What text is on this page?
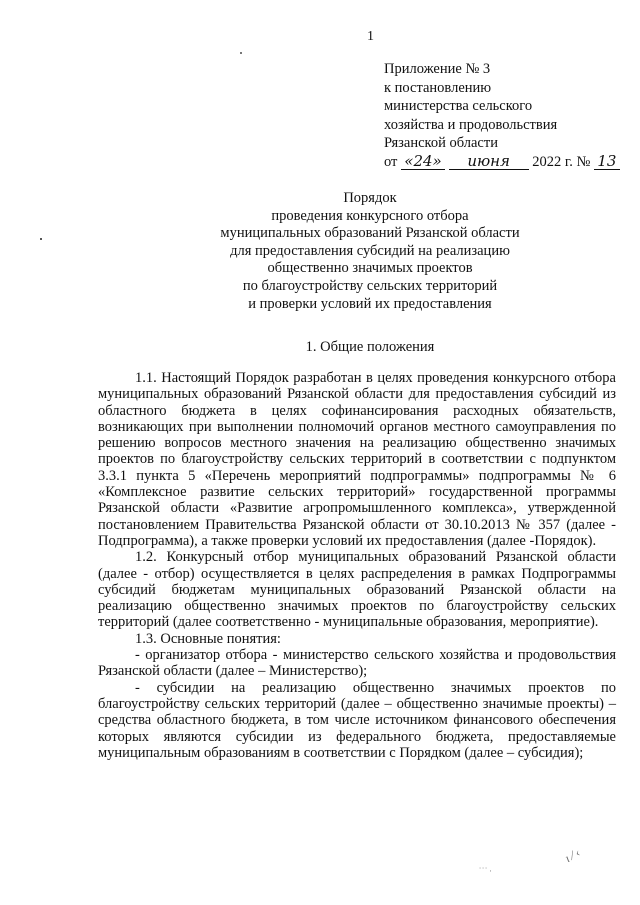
1
Приложение № 3
к постановлению
министерства сельского
хозяйства и продовольствия
Рязанской области
от «24» июня 2022 г. № 13
Порядок
проведения конкурсного отбора
муниципальных образований Рязанской области
для предоставления субсидий на реализацию
общественно значимых проектов
по благоустройству сельских территорий
и проверки условий их предоставления
1. Общие положения

1.1. Настоящий Порядок разработан в целях проведения конкурсного отбора муниципальных образований Рязанской области для предоставления субсидий из областного бюджета в целях софинансирования расходных обязательств, возникающих при выполнении полномочий органов местного самоуправления по решению вопросов местного значения на реализацию общественно значимых проектов по благоустройству сельских территорий в соответствии с подпунктом 3.3.1 пункта 5 «Перечень мероприятий подпрограммы» подпрограммы № 6 «Комплексное развитие сельских территорий» государственной программы Рязанской области «Развитие агропромышленного комплекса», утвержденной постановлением Правительства Рязанской области от 30.10.2013 № 357 (далее - Подпрограмма), а также проверки условий их предоставления (далее -Порядок).

1.2. Конкурсный отбор муниципальных образований Рязанской области (далее - отбор) осуществляется в целях распределения в рамках Подпрограммы субсидий бюджетам муниципальных образований Рязанской области на реализацию общественно значимых проектов по благоустройству сельских территорий (далее соответственно - муниципальные образования, мероприятие).

1.3. Основные понятия:

- организатор отбора - министерство сельского хозяйства и продовольствия Рязанской области (далее – Министерство);

- субсидии на реализацию общественно значимых проектов по благоустройству сельских территорий (далее – общественно значимые проекты) – средства областного бюджета, в том числе источником финансового обеспечения которых являются субсидии из федерального бюджета, предоставляемые муниципальным образованиям в соответствии с Порядком (далее – субсидия);

ı ⁄ ‹
˙˙˙ ·
